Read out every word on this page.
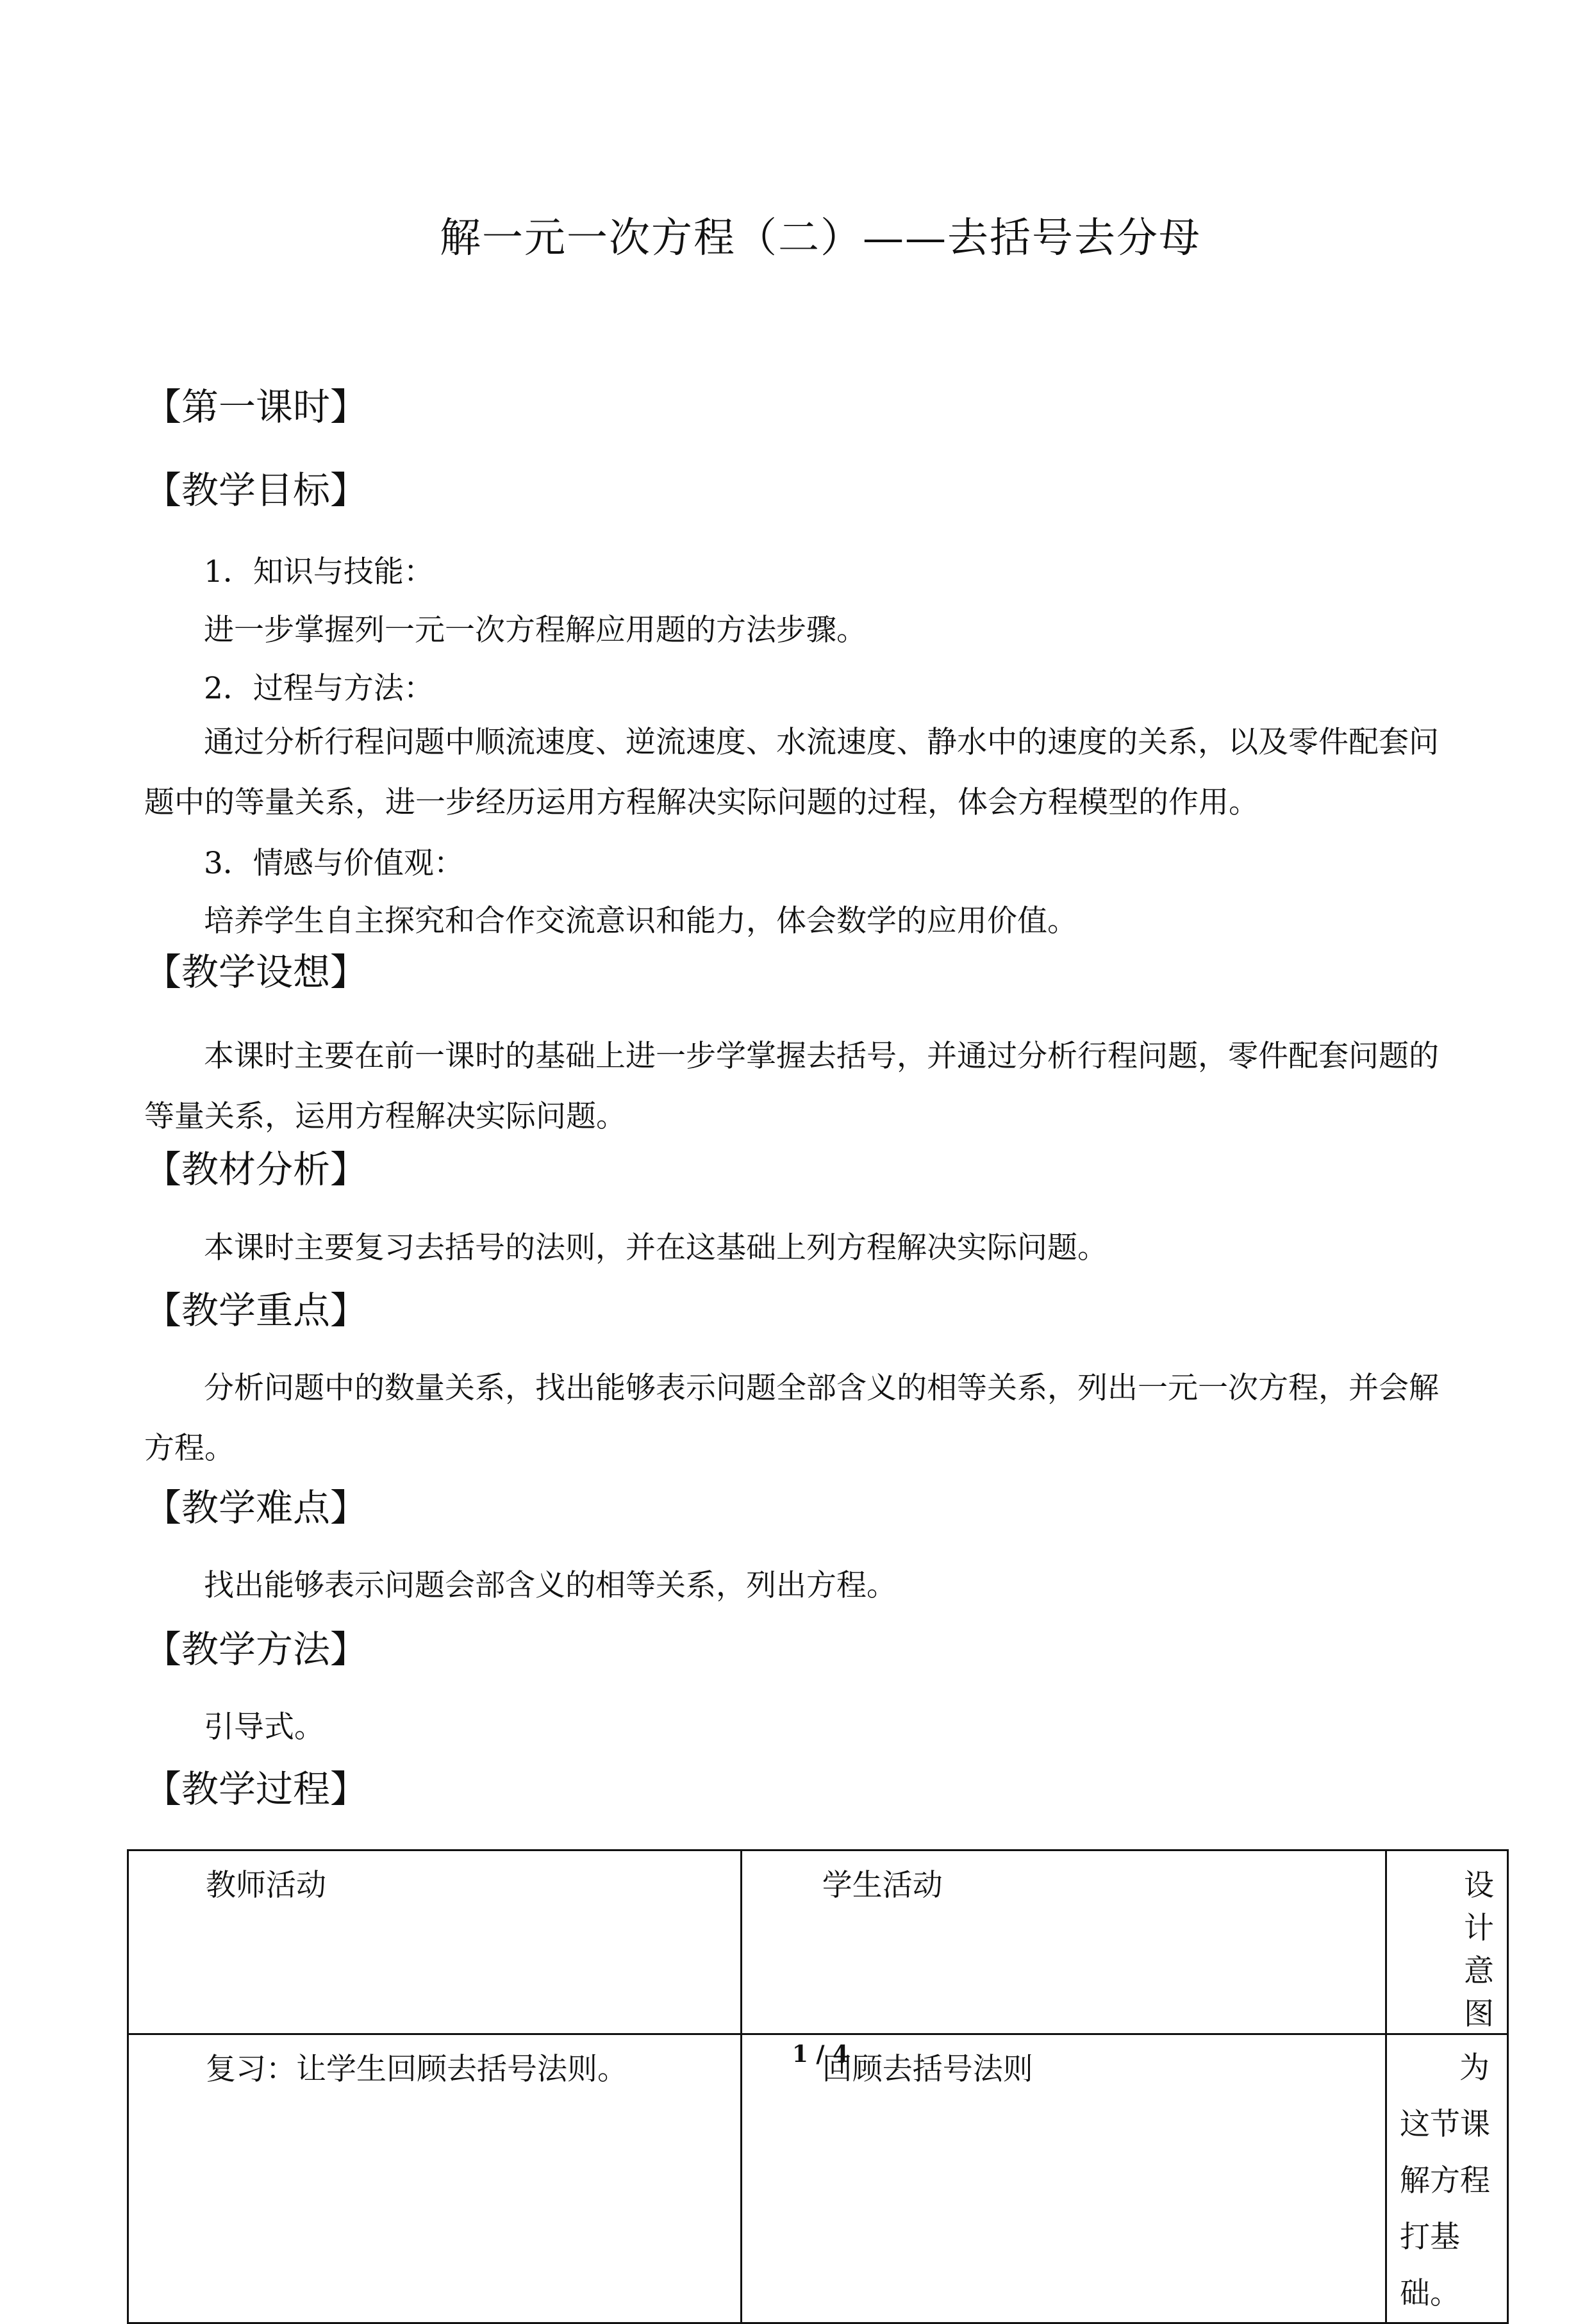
解一元一次方程（二）——去括号去分母
【第一课时】
【教学目标】
1．知识与技能：
进一步掌握列一元一次方程解应用题的方法步骤。
2．过程与方法：
通过分析行程问题中顺流速度、逆流速度、水流速度、静水中的速度的关系，以及零件配套问题中的等量关系，进一步经历运用方程解决实际问题的过程，体会方程模型的作用。
3．情感与价值观：
培养学生自主探究和合作交流意识和能力，体会数学的应用价值。
【教学设想】
本课时主要在前一课时的基础上进一步学掌握去括号，并通过分析行程问题，零件配套问题的等量关系，运用方程解决实际问题。
【教材分析】
本课时主要复习去括号的法则，并在这基础上列方程解决实际问题。
【教学重点】
分析问题中的数量关系，找出能够表示问题全部含义的相等关系，列出一元一次方程，并会解方程。
【教学难点】
找出能够表示问题会部含义的相等关系，列出方程。
【教学方法】
引导式。
【教学过程】
教师活动	学生活动	设计意图

复习：让学生回顾去括号法则。	回顾去括号法则	为这节课解方程打基础。
1 / 4
